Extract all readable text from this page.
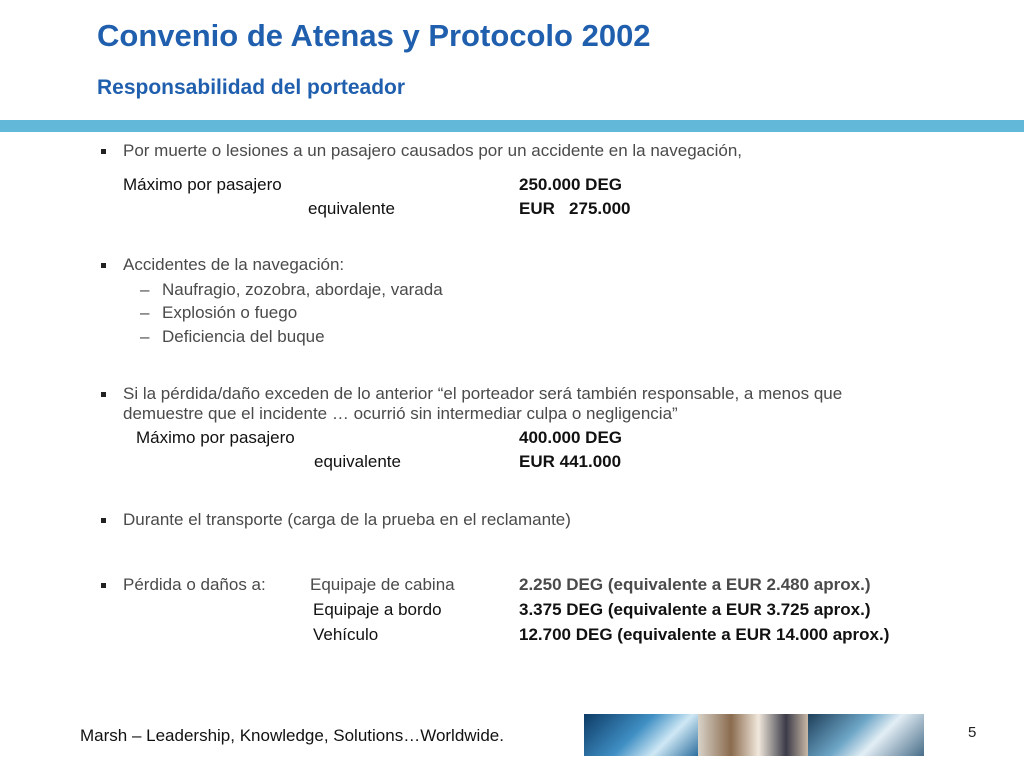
Convenio de Atenas y Protocolo 2002
Responsabilidad del porteador
Por muerte o lesiones a un pasajero causados por un accidente en la navegación,
Máximo por pasajero	250.000 DEG
equivalente	EUR   275.000
Accidentes de la navegación:
– Naufragio, zozobra, abordaje, varada
– Explosión o fuego
– Deficiencia del buque
Si la pérdida/daño exceden de lo anterior “el porteador será también responsable, a menos que
demuestre que el incidente … ocurrió sin intermediar culpa o negligencia”
Máximo por pasajero	400.000 DEG
equivalente	EUR 441.000
Durante el transporte (carga de la prueba en el reclamante)
Pérdida o daños a:	Equipaje de cabina	2.250 DEG (equivalente a EUR 2.480 aprox.)
Equipaje a bordo	3.375 DEG (equivalente a EUR 3.725 aprox.)
Vehículo	12.700 DEG (equivalente a EUR 14.000 aprox.)
Marsh – Leadership, Knowledge, Solutions…Worldwide.	5
